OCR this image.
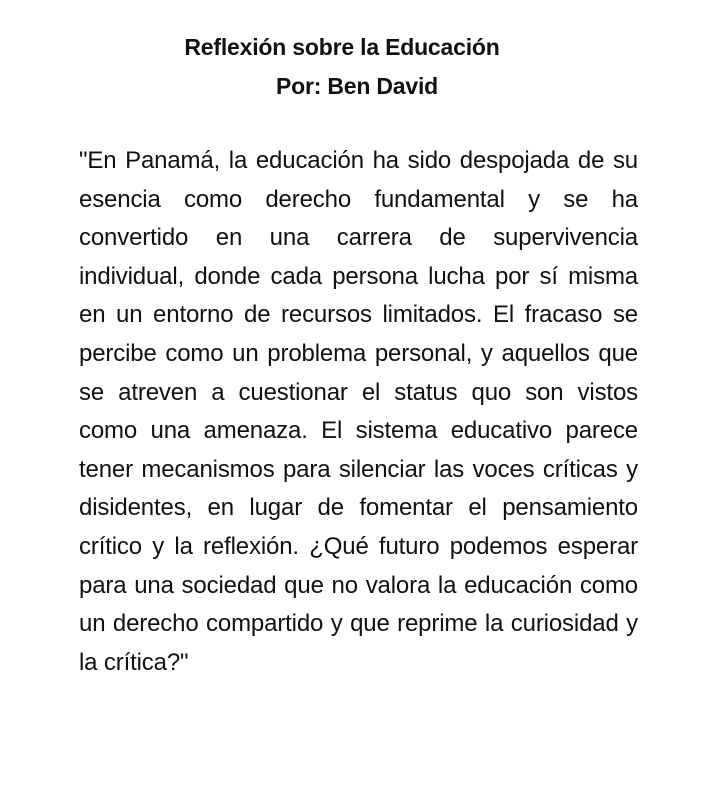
Reflexión sobre la Educación
Por: Ben David

"En Panamá, la educación ha sido despojada de su esencia como derecho fundamental y se ha convertido en una carrera de supervivencia individual, donde cada persona lucha por sí misma en un entorno de recursos limitados. El fracaso se percibe como un problema personal, y aquellos que se atreven a cuestionar el status quo son vistos como una amenaza. El sistema educativo parece tener mecanismos para silenciar las voces críticas y disidentes, en lugar de fomentar el pensamiento crítico y la reflexión. ¿Qué futuro podemos esperar para una sociedad que no valora la educación como un derecho compartido y que reprime la curiosidad y la crítica?"
